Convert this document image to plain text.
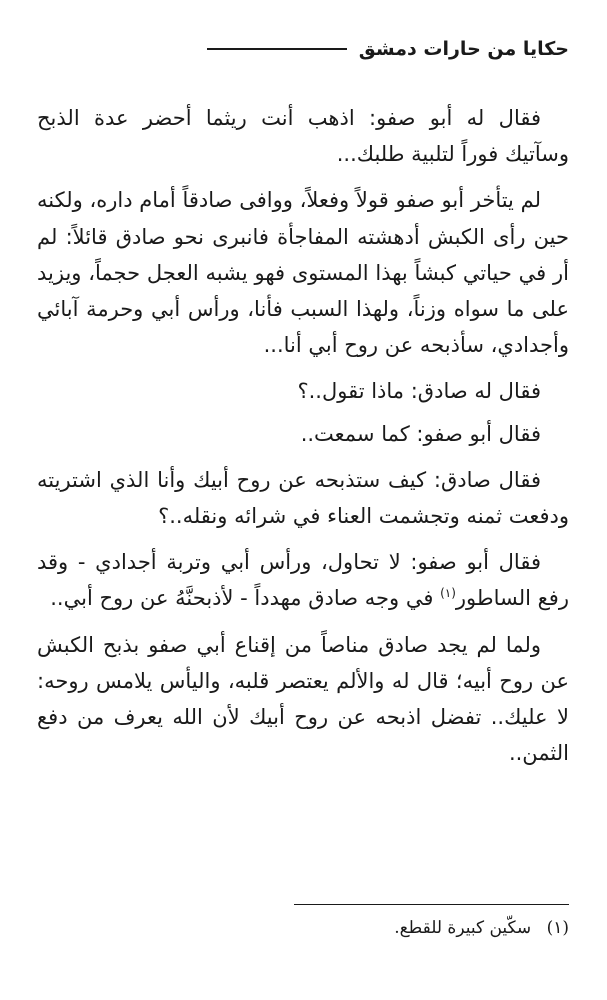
حكايا من حارات دمشق

فقال له أبو صفو: اذهب أنت ريثما أحضر عدة الذبح وسآتيك فوراً لتلبية طلبك...

لم يتأخر أبو صفو قولاً وفعلاً، ووافى صادقاً أمام داره، ولكنه حين رأى الكبش أدهشته المفاجأة فانبرى نحو صادق قائلاً: لم أر في حياتي كبشاً بهذا المستوى فهو يشبه العجل حجماً، ويزيد على ما سواه وزناً، ولهذا السبب فأنا، ورأس أبي وحرمة آبائي وأجدادي، سأذبحه عن روح أبي أنا...

فقال له صادق: ماذا تقول..؟

فقال أبو صفو: كما سمعت..

فقال صادق: كيف ستذبحه عن روح أبيك وأنا الذي اشتريته ودفعت ثمنه وتجشمت العناء في شرائه ونقله..؟

فقال أبو صفو: لا تحاول، ورأس أبي وتربة أجدادي - وقد رفع الساطور$^{(١)}$ في وجه صادق مهدداً - لأذبحنَّهُ عن روح أبي..

ولما لم يجد صادق مناصاً من إقناع أبي صفو بذبح الكبش عن روح أبيه؛ قال له والألم يعتصر قلبه، واليأس يلامس روحه: لا عليك.. تفضل اذبحه عن روح أبيك لأن الله يعرف من دفع الثمن..

(١) سكّين كبيرة للقطع.
